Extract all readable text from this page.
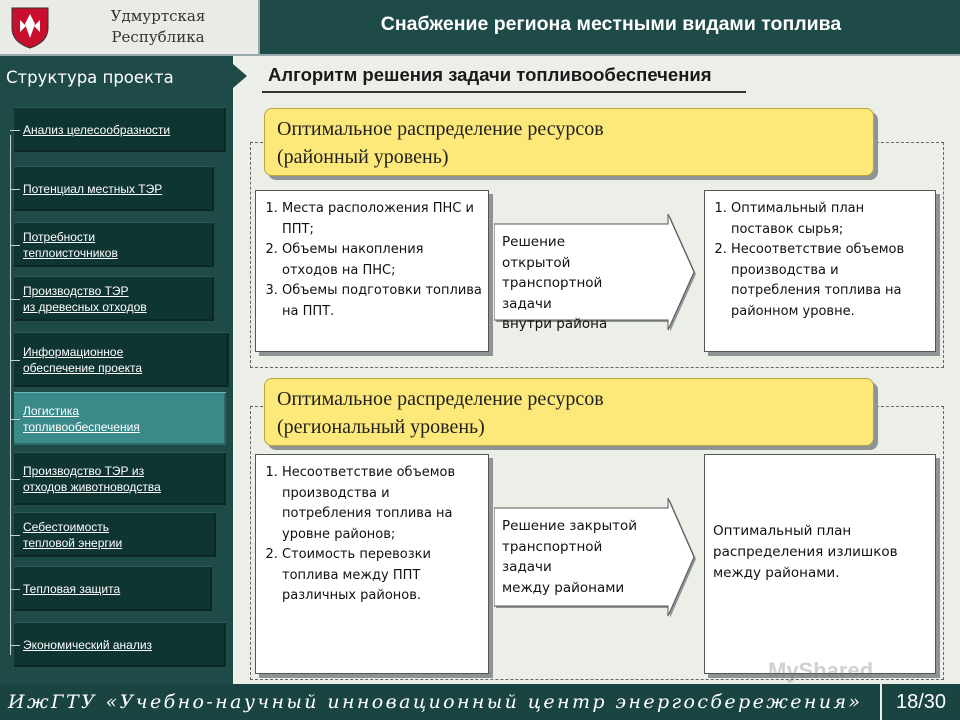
Удмуртская
Республика
Снабжение региона местными видами топлива
Структура проекта
Анализ целесообразности
Потенциал местных ТЭР
Потребности
теплоисточников
Производство ТЭР
из древесных отходов
Информационное
обеспечение проекта
Логистика
топливообеспечения
Производство ТЭР из
отходов животноводства
Себестоимость
тепловой энергии
Тепловая защита
Экономический анализ
Алгоритм решения задачи топливообеспечения
Оптимальное распределение ресурсов
(районный уровень)
1. Места расположения ПНС и ППТ;
2. Объемы накопления отходов на ПНС;
3. Объемы подготовки топлива на ППТ.
Решение
открытой
транспортной
задачи
внутри района
1. Оптимальный план поставок сырья;
2. Несоответствие объемов производства и потребления топлива на районном уровне.
Оптимальное распределение ресурсов
(региональный уровень)
1. Несоответствие объемов производства и потребления топлива на уровне районов;
2. Стоимость перевозки топлива между ППТ различных районов.
Решение закрытой
транспортной
задачи
между районами
Оптимальный план распределения излишков между районами.
MyShared
ИжГТУ «Учебно-научный инновационный центр энергосбережения»	18/30
